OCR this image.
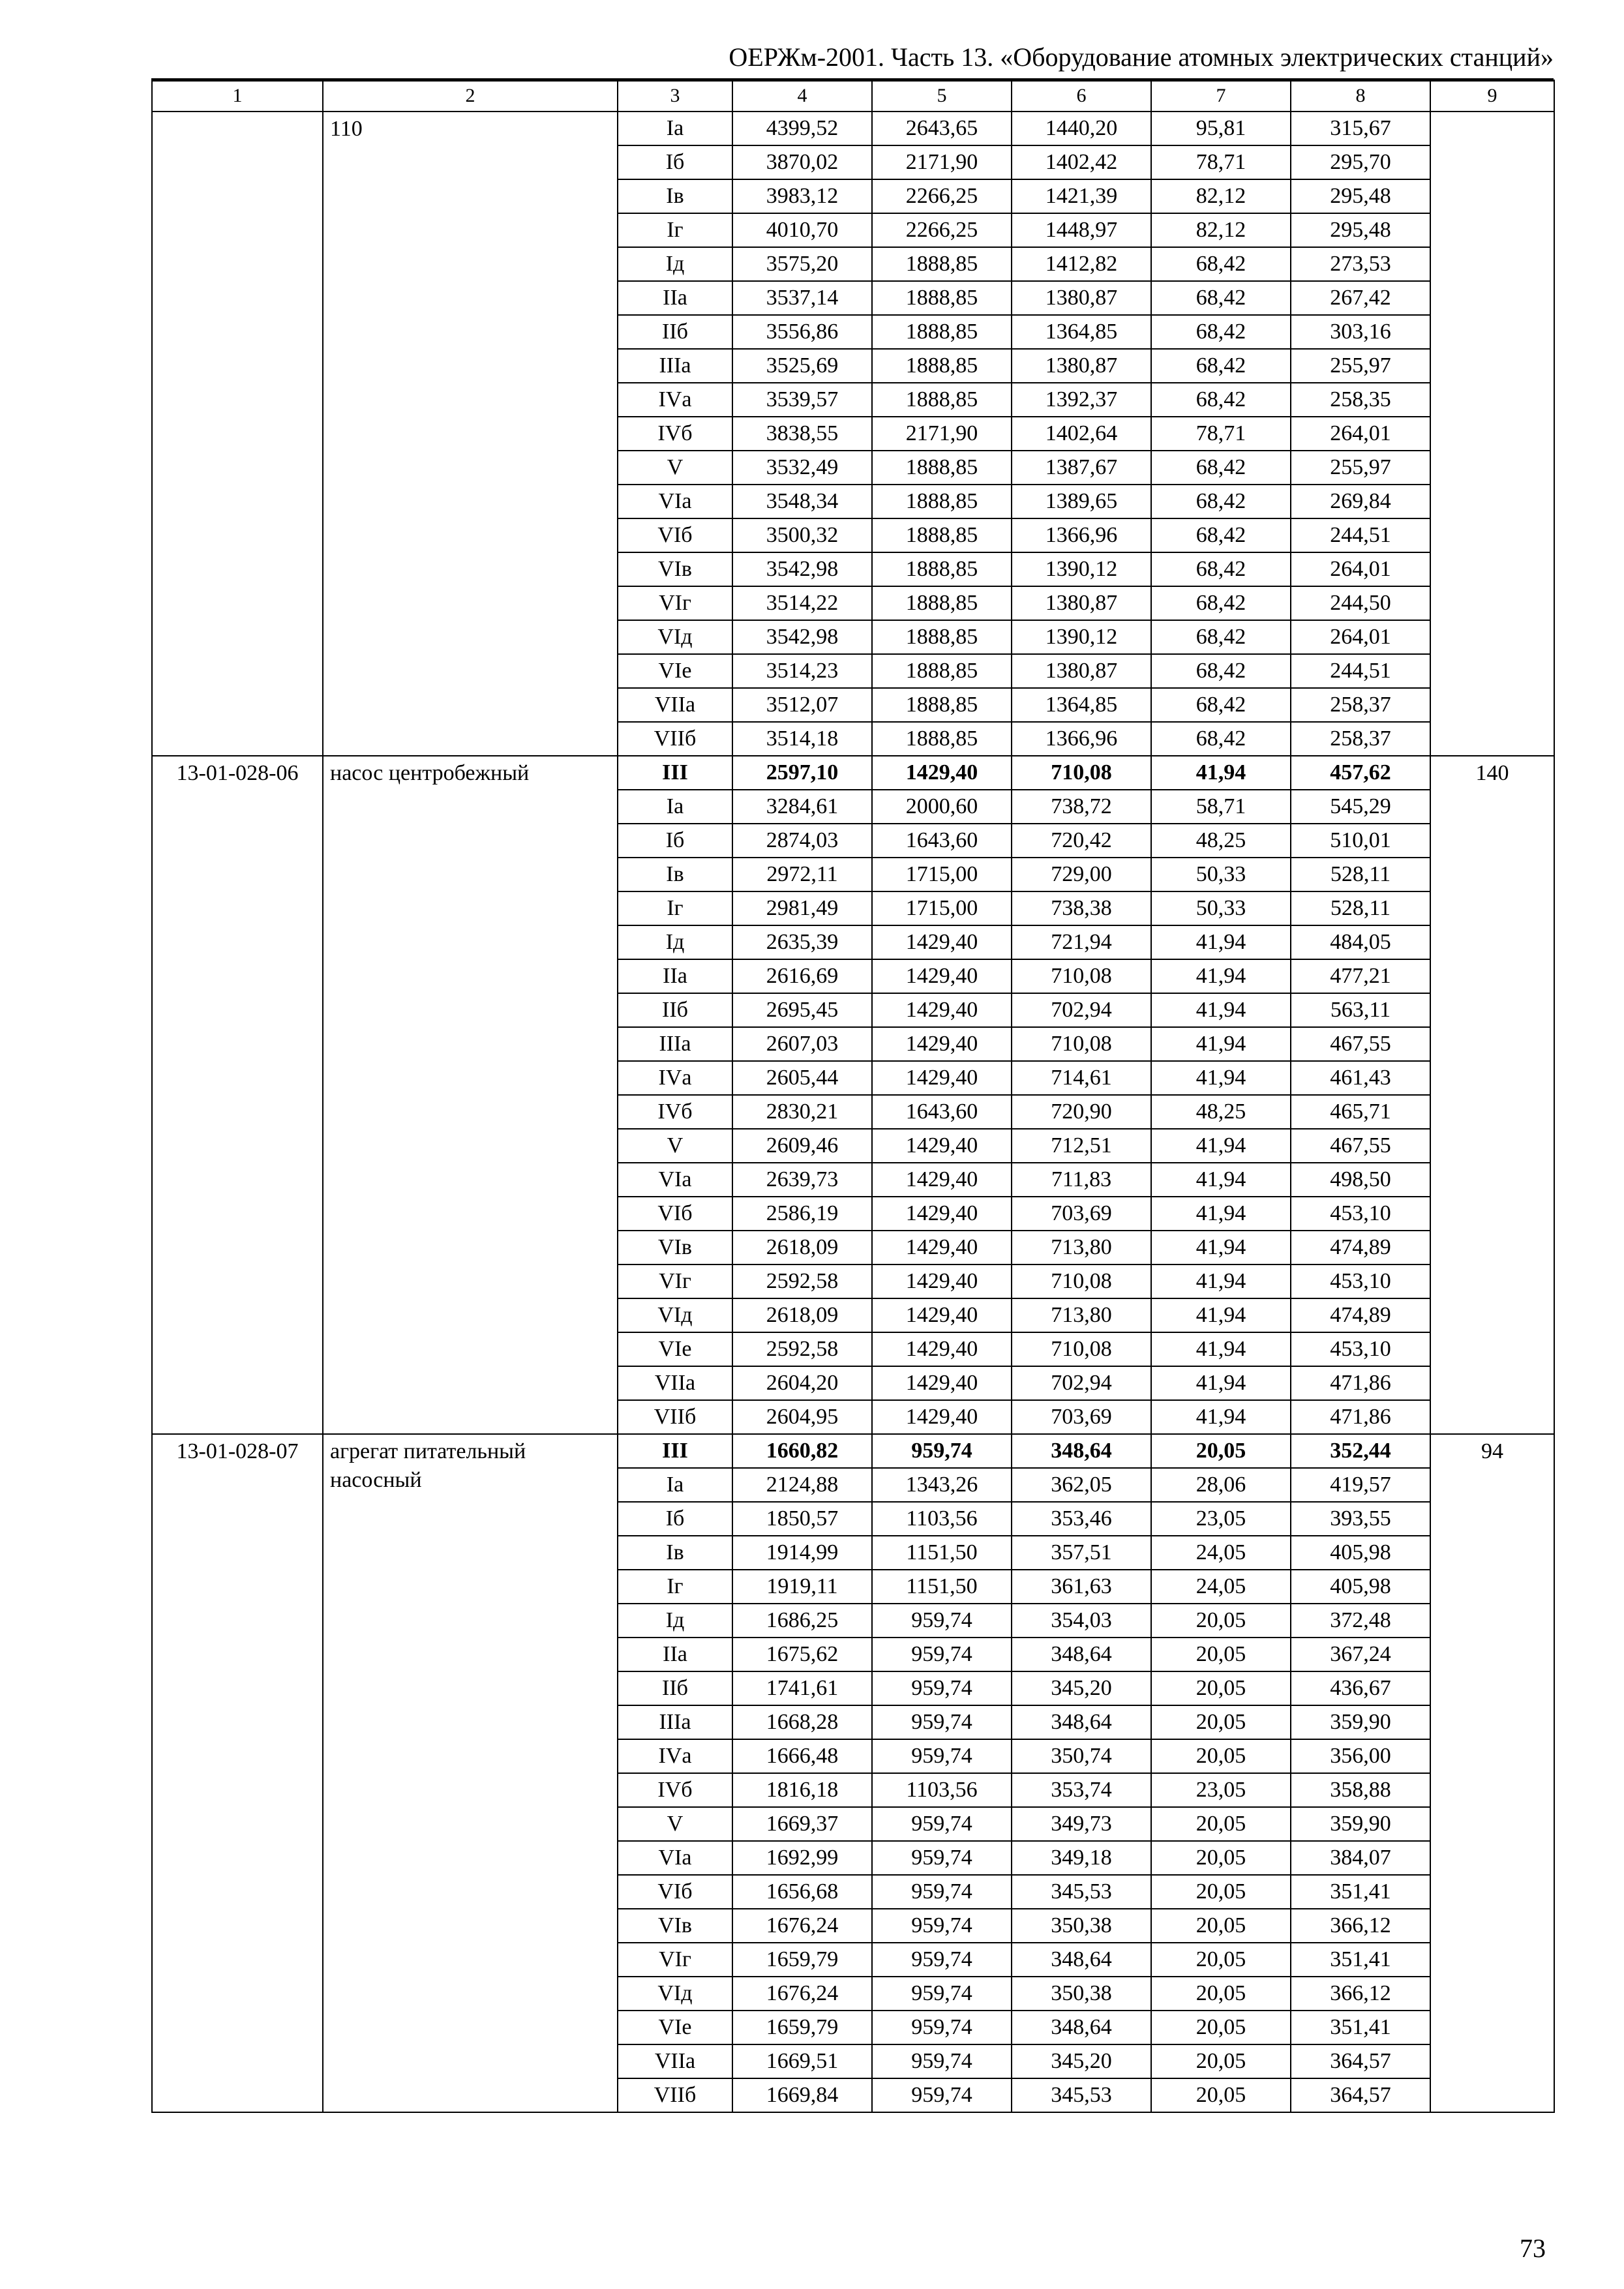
ОЕРЖм-2001. Часть 13. «Оборудование атомных электрических станций»
1	2	3	4	5	6	7	8	9
	110	Iа	4399,52	2643,65	1440,20	95,81	315,67	
		Iб	3870,02	2171,90	1402,42	78,71	295,70	
		Iв	3983,12	2266,25	1421,39	82,12	295,48	
		Iг	4010,70	2266,25	1448,97	82,12	295,48	
		Iд	3575,20	1888,85	1412,82	68,42	273,53	
		IIа	3537,14	1888,85	1380,87	68,42	267,42	
		IIб	3556,86	1888,85	1364,85	68,42	303,16	
		IIIа	3525,69	1888,85	1380,87	68,42	255,97	
		IVа	3539,57	1888,85	1392,37	68,42	258,35	
		IVб	3838,55	2171,90	1402,64	78,71	264,01	
		V	3532,49	1888,85	1387,67	68,42	255,97	
		VIа	3548,34	1888,85	1389,65	68,42	269,84	
		VIб	3500,32	1888,85	1366,96	68,42	244,51	
		VIв	3542,98	1888,85	1390,12	68,42	264,01	
		VIг	3514,22	1888,85	1380,87	68,42	244,50	
		VIд	3542,98	1888,85	1390,12	68,42	264,01	
		VIе	3514,23	1888,85	1380,87	68,42	244,51	
		VIIа	3512,07	1888,85	1364,85	68,42	258,37	
		VIIб	3514,18	1888,85	1366,96	68,42	258,37	
13-01-028-06	насос центробежный	III	2597,10	1429,40	710,08	41,94	457,62	140
		Iа	3284,61	2000,60	738,72	58,71	545,29	
		Iб	2874,03	1643,60	720,42	48,25	510,01	
		Iв	2972,11	1715,00	729,00	50,33	528,11	
		Iг	2981,49	1715,00	738,38	50,33	528,11	
		Iд	2635,39	1429,40	721,94	41,94	484,05	
		IIа	2616,69	1429,40	710,08	41,94	477,21	
		IIб	2695,45	1429,40	702,94	41,94	563,11	
		IIIа	2607,03	1429,40	710,08	41,94	467,55	
		IVа	2605,44	1429,40	714,61	41,94	461,43	
		IVб	2830,21	1643,60	720,90	48,25	465,71	
		V	2609,46	1429,40	712,51	41,94	467,55	
		VIа	2639,73	1429,40	711,83	41,94	498,50	
		VIб	2586,19	1429,40	703,69	41,94	453,10	
		VIв	2618,09	1429,40	713,80	41,94	474,89	
		VIг	2592,58	1429,40	710,08	41,94	453,10	
		VIд	2618,09	1429,40	713,80	41,94	474,89	
		VIе	2592,58	1429,40	710,08	41,94	453,10	
		VIIа	2604,20	1429,40	702,94	41,94	471,86	
		VIIб	2604,95	1429,40	703,69	41,94	471,86	
13-01-028-07	агрегат питательный насосный	III	1660,82	959,74	348,64	20,05	352,44	94
		Iа	2124,88	1343,26	362,05	28,06	419,57	
		Iб	1850,57	1103,56	353,46	23,05	393,55	
		Iв	1914,99	1151,50	357,51	24,05	405,98	
		Iг	1919,11	1151,50	361,63	24,05	405,98	
		Iд	1686,25	959,74	354,03	20,05	372,48	
		IIа	1675,62	959,74	348,64	20,05	367,24	
		IIб	1741,61	959,74	345,20	20,05	436,67	
		IIIа	1668,28	959,74	348,64	20,05	359,90	
		IVа	1666,48	959,74	350,74	20,05	356,00	
		IVб	1816,18	1103,56	353,74	23,05	358,88	
		V	1669,37	959,74	349,73	20,05	359,90	
		VIа	1692,99	959,74	349,18	20,05	384,07	
		VIб	1656,68	959,74	345,53	20,05	351,41	
		VIв	1676,24	959,74	350,38	20,05	366,12	
		VIг	1659,79	959,74	348,64	20,05	351,41	
		VIд	1676,24	959,74	350,38	20,05	366,12	
		VIе	1659,79	959,74	348,64	20,05	351,41	
		VIIа	1669,51	959,74	345,20	20,05	364,57	
		VIIб	1669,84	959,74	345,53	20,05	364,57	
73
